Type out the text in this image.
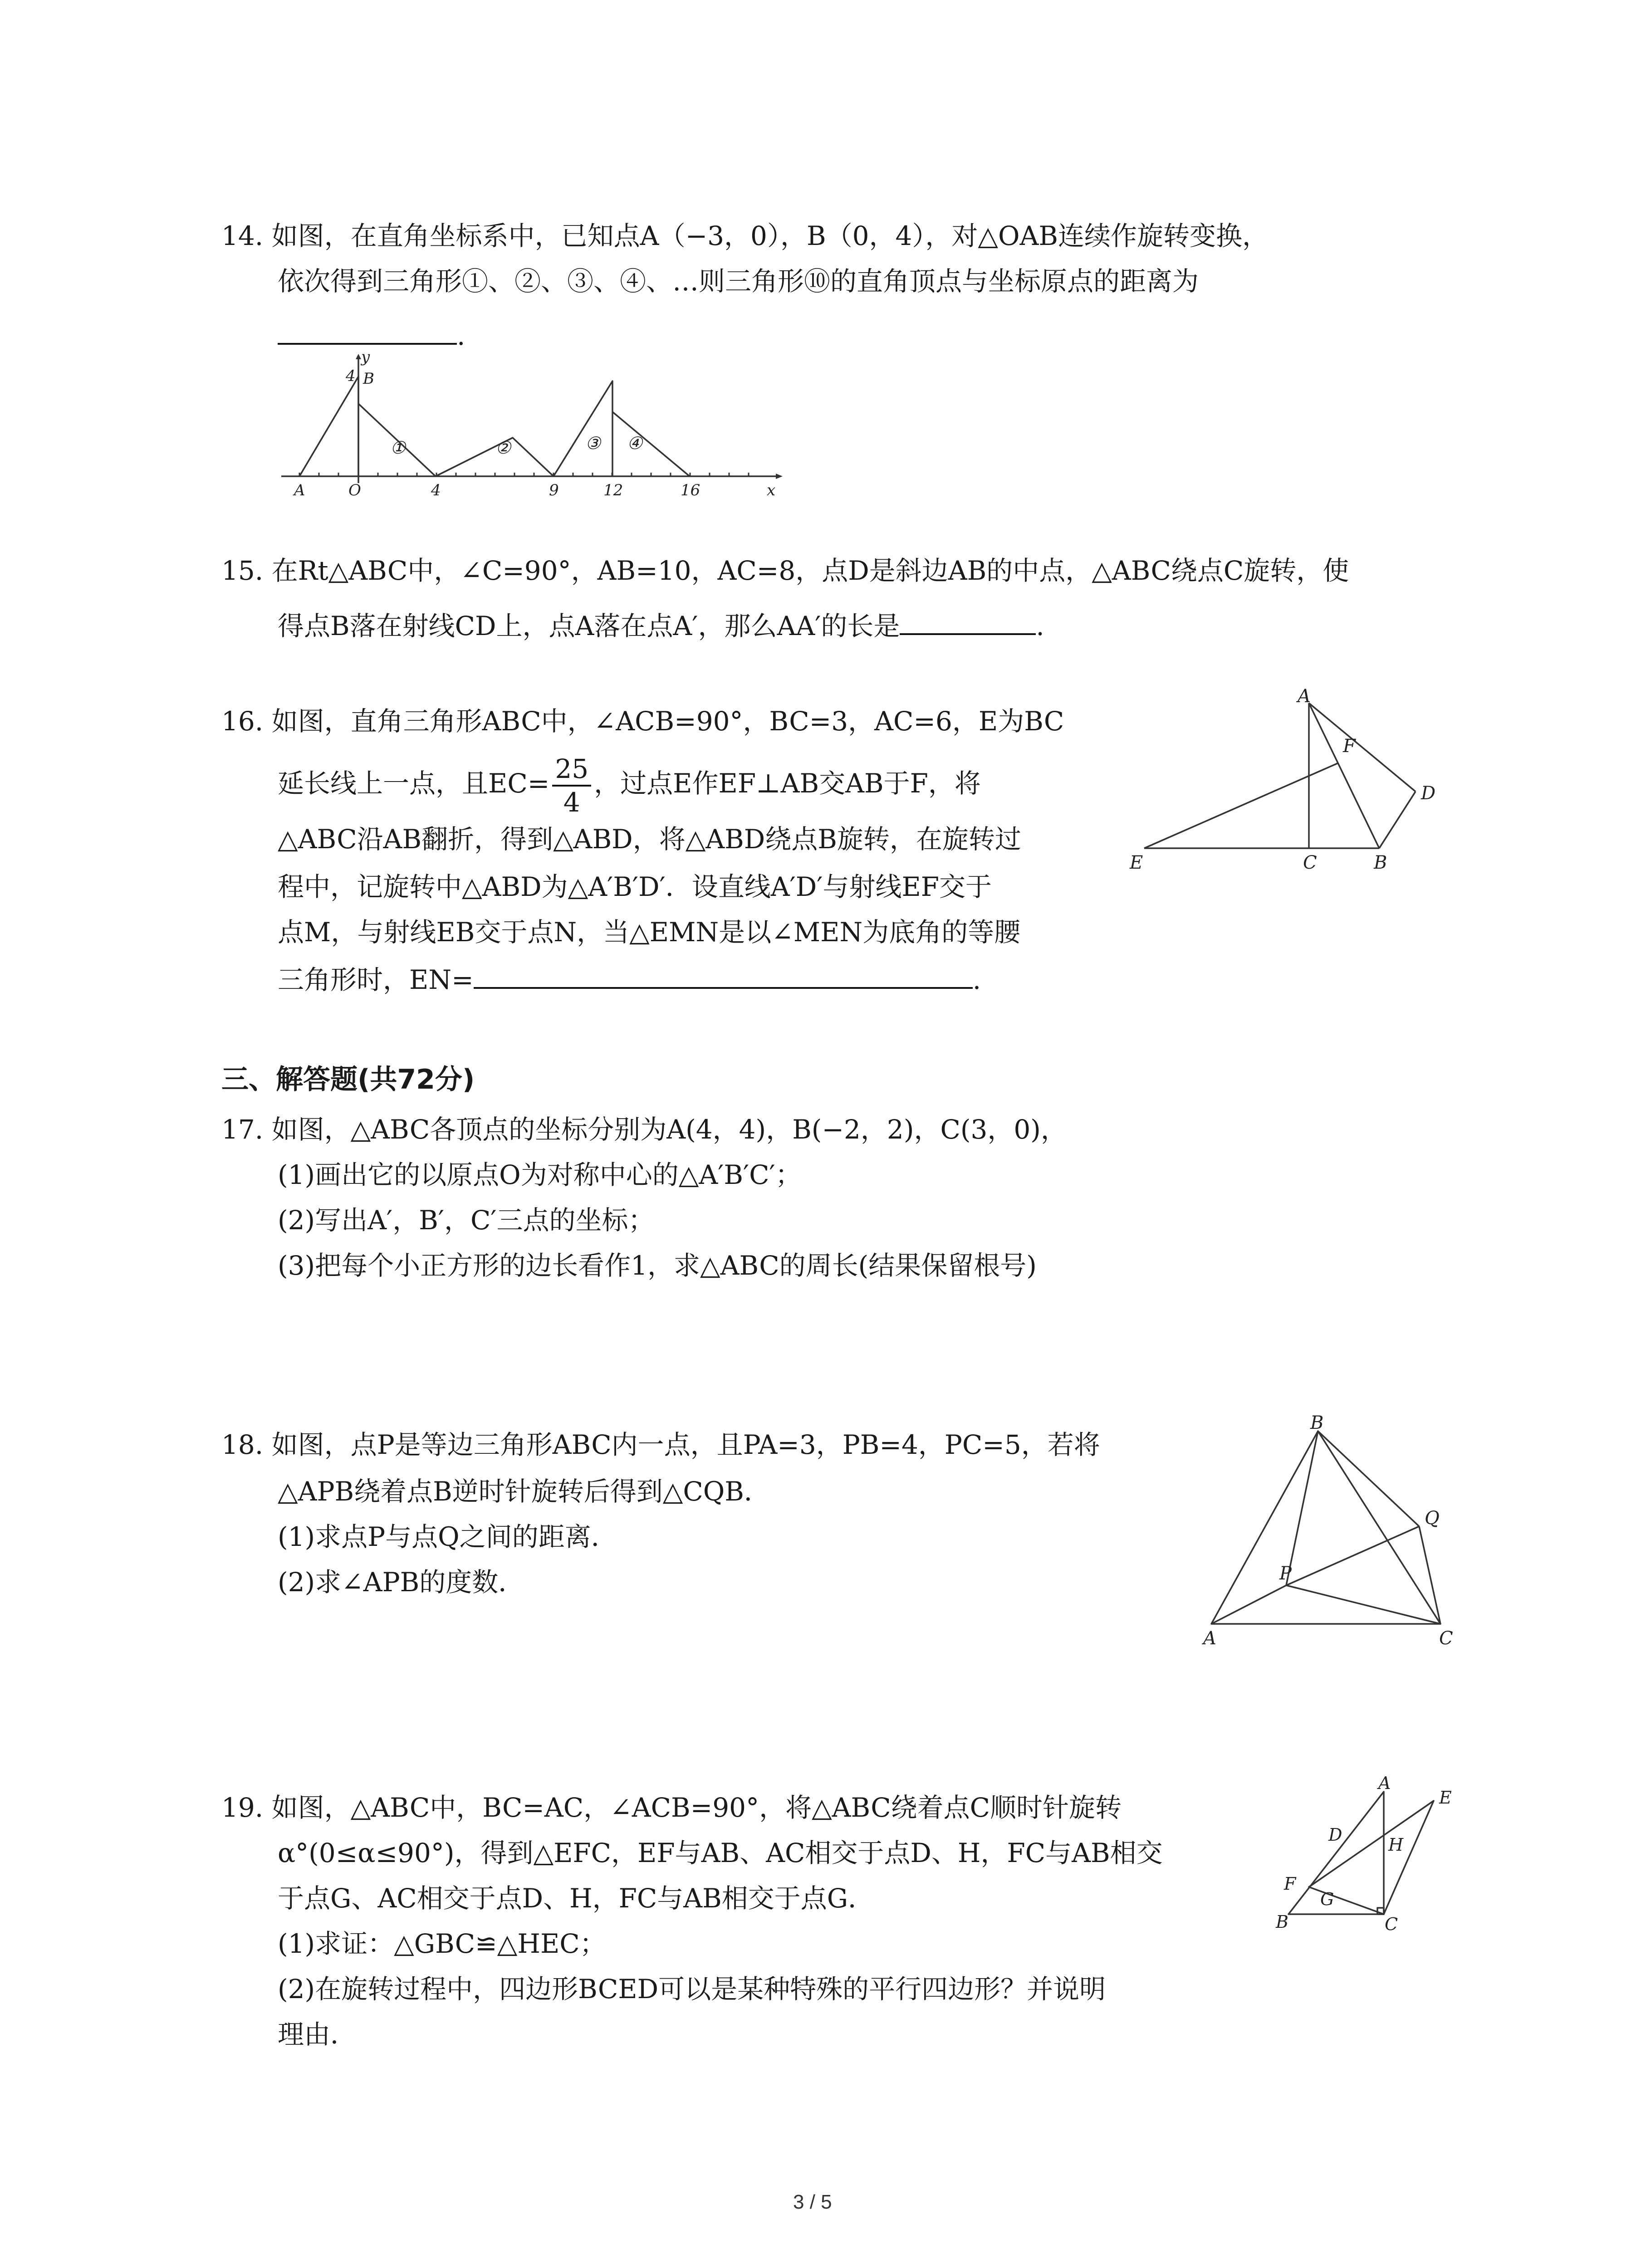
14. 如图，在直角坐标系中，已知点A（−3，0），B（0，4），对△OAB连续作旋转变换，
依次得到三角形①、②、③、④、…则三角形⑩的直角顶点与坐标原点的距离为
.
y
4 B
A	O	4	9	12	16	x
①	②	③ ④
15. 在Rt△ABC中，∠C=90°，AB=10，AC=8，点D是斜边AB的中点，△ABC绕点C旋转，使
得点B落在射线CD上，点A落在点A′，那么AA′的长是	.
16. 如图，直角三角形ABC中，∠ACB=90°，BC=3，AC=6，E为BC
延长线上一点，且$EC= \frac{25}{4}$ ，过点E作EF⊥AB交AB于F，将
△ABC沿AB翻折，得到△ABD，将△ABD绕点B旋转，在旋转过
程中，记旋转中△ABD为△A′B′D′．设直线A′D′与射线EF交于
点M，与射线EB交于点N，当△EMN是以∠MEN为底角的等腰
三角形时，EN=	.
A
F
D
E	C	B
三、解答题(共72分)
17. 如图，△ABC各顶点的坐标分别为A(4，4)，B(−2，2)，C(3，0)，
(1)画出它的以原点O为对称中心的△A′B′C′；
(2)写出A′，B′，C′三点的坐标；
(3)把每个小正方形的边长看作1，求△ABC的周长(结果保留根号)
18. 如图，点P是等边三角形ABC内一点，且PA=3，PB=4，PC=5，若将
△APB绕着点B逆时针旋转后得到△CQB．
(1)求点P与点Q之间的距离．
(2)求∠APB的度数．
B
Q
P
A	C
19. 如图，△ABC中，BC=AC，∠ACB=90°，将△ABC绕着点C顺时针旋转
α°(0≤α≤90°)，得到△EFC，EF与AB、AC相交于点D、H，FC与AB相交
于点G、AC相交于点D、H，FC与AB相交于点G．
(1)求证：△GBC≌△HEC；
(2)在旋转过程中，四边形BCED可以是某种特殊的平行四边形？并说明
理由．
A
E
D	H
F
G
B	C
3 / 5
